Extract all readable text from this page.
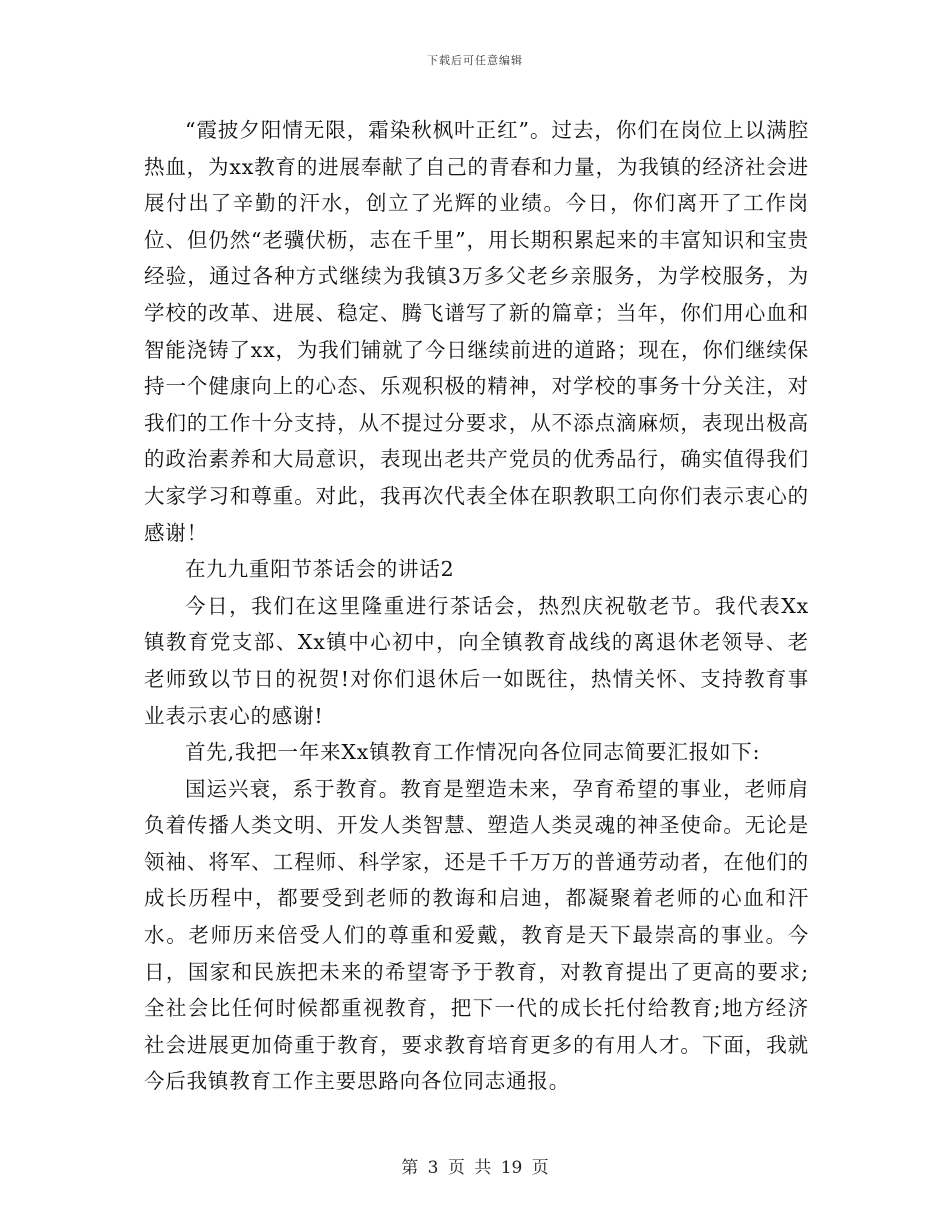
下载后可任意编辑

“霞披夕阳情无限，霜染秋枫叶正红”。过去，你们在岗位上以满腔热血，为xx教育的进展奉献了自己的青春和力量，为我镇的经济社会进展付出了辛勤的汗水，创立了光辉的业绩。今日，你们离开了工作岗位、但仍然“老骥伏枥，志在千里”，用长期积累起来的丰富知识和宝贵经验，通过各种方式继续为我镇3万多父老乡亲服务，为学校服务，为学校的改革、进展、稳定、腾飞谱写了新的篇章；当年，你们用心血和智能浇铸了xx，为我们铺就了今日继续前进的道路；现在，你们继续保持一个健康向上的心态、乐观积极的精神，对学校的事务十分关注，对我们的工作十分支持，从不提过分要求，从不添点滴麻烦，表现出极高的政治素养和大局意识，表现出老共产党员的优秀品行，确实值得我们大家学习和尊重。对此，我再次代表全体在职教职工向你们表示衷心的感谢！

在九九重阳节茶话会的讲话2

今日，我们在这里隆重进行茶话会，热烈庆祝敬老节。我代表Xx镇教育党支部、Xx镇中心初中，向全镇教育战线的离退休老领导、老老师致以节日的祝贺!对你们退休后一如既往，热情关怀、支持教育事业表示衷心的感谢!

首先,我把一年来Xx镇教育工作情况向各位同志简要汇报如下:

国运兴衰，系于教育。教育是塑造未来，孕育希望的事业，老师肩负着传播人类文明、开发人类智慧、塑造人类灵魂的神圣使命。无论是领袖、将军、工程师、科学家，还是千千万万的普通劳动者，在他们的成长历程中，都要受到老师的教诲和启迪，都凝聚着老师的心血和汗水。老师历来倍受人们的尊重和爱戴，教育是天下最崇高的事业。今日，国家和民族把未来的希望寄予于教育，对教育提出了更高的要求;全社会比任何时候都重视教育，把下一代的成长托付给教育;地方经济社会进展更加倚重于教育，要求教育培育更多的有用人才。下面，我就今后我镇教育工作主要思路向各位同志通报。

第 3 页 共 19 页
